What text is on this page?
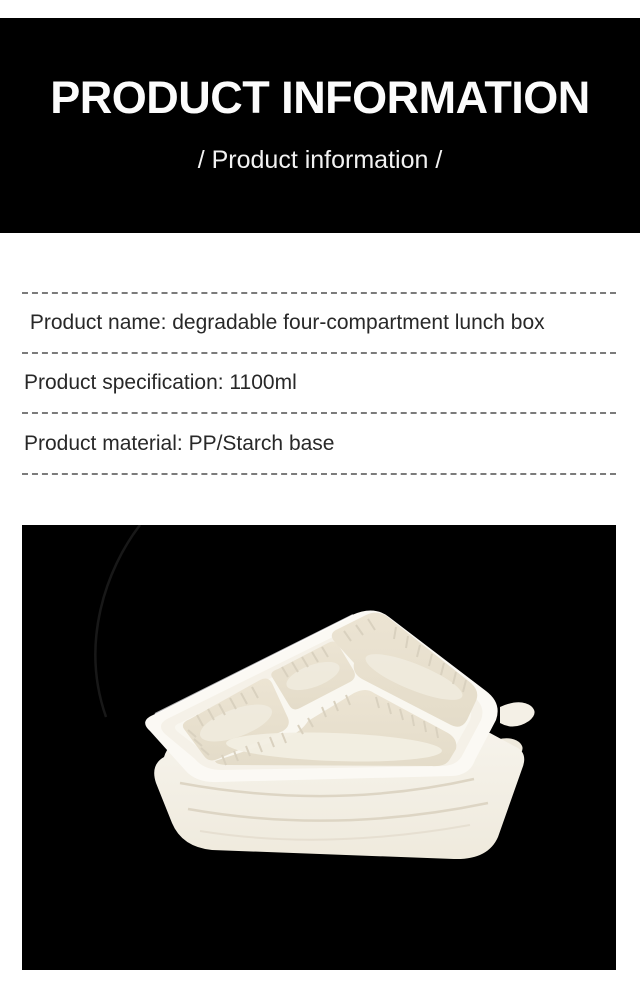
PRODUCT INFORMATION
/ Product information /
Product name: degradable four-compartment lunch box
Product specification: 1100ml
Product material: PP/Starch base
